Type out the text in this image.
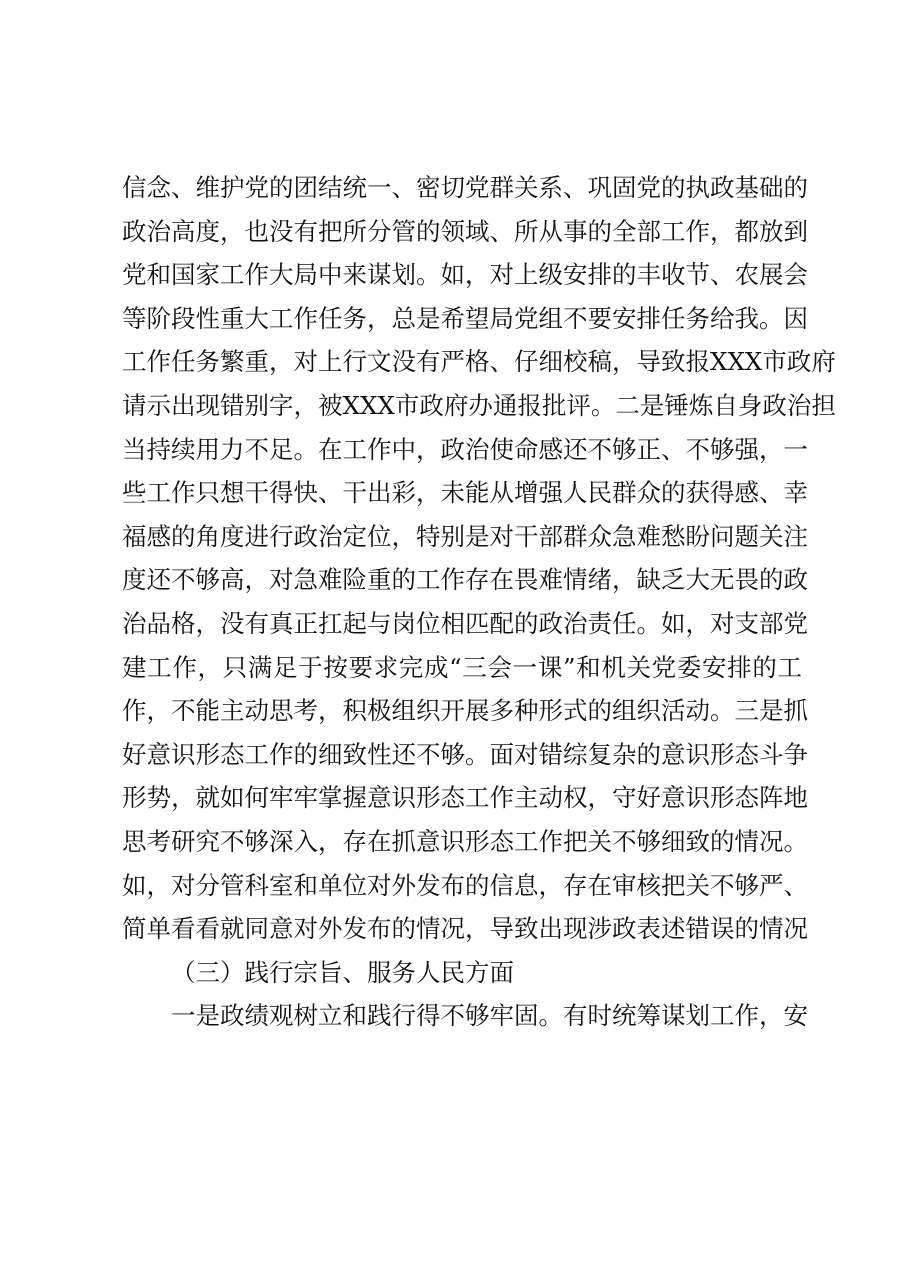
信念、维护党的团结统一、密切党群关系、巩固党的执政基础的
政治高度，也没有把所分管的领域、所从事的全部工作，都放到
党和国家工作大局中来谋划。如，对上级安排的丰收节、农展会
等阶段性重大工作任务，总是希望局党组不要安排任务给我。因
工作任务繁重，对上行文没有严格、仔细校稿，导致报XXX市政府
请示出现错别字，被XXX市政府办通报批评。二是锤炼自身政治担
当持续用力不足。在工作中，政治使命感还不够正、不够强，一
些工作只想干得快、干出彩，未能从增强人民群众的获得感、幸
福感的角度进行政治定位，特别是对干部群众急难愁盼问题关注
度还不够高，对急难险重的工作存在畏难情绪，缺乏大无畏的政
治品格，没有真正扛起与岗位相匹配的政治责任。如，对支部党
建工作，只满足于按要求完成“三会一课”和机关党委安排的工
作，不能主动思考，积极组织开展多种形式的组织活动。三是抓
好意识形态工作的细致性还不够。面对错综复杂的意识形态斗争
形势，就如何牢牢掌握意识形态工作主动权，守好意识形态阵地
思考研究不够深入，存在抓意识形态工作把关不够细致的情况。
如，对分管科室和单位对外发布的信息，存在审核把关不够严、
简单看看就同意对外发布的情况，导致出现涉政表述错误的情况
（三）践行宗旨、服务人民方面
一是政绩观树立和践行得不够牢固。有时统筹谋划工作，安
